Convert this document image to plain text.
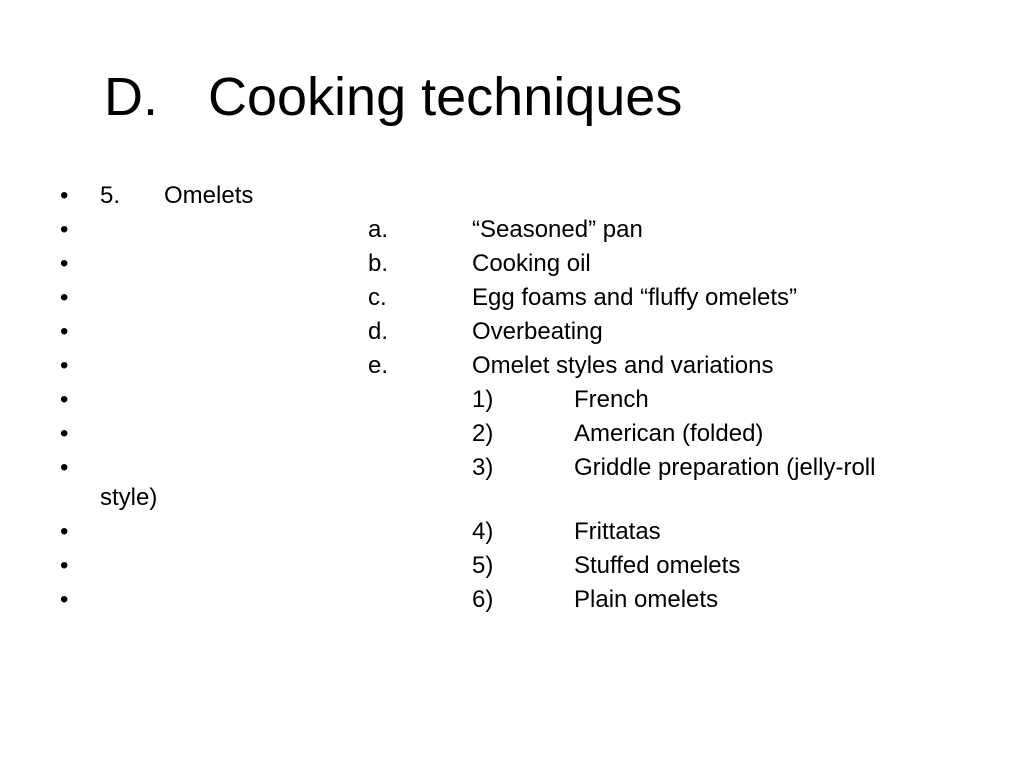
D. Cooking techniques
• 5. Omelets
•	a.	“Seasoned” pan
•	b.	Cooking oil
•	c.	Egg foams and “fluffy omelets”
•	d.	Overbeating
•	e.	Omelet styles and variations
•	1)	French
•	2)	American (folded)
•	3)	Griddle preparation (jelly-roll
style)
•	4)	Frittatas
•	5)	Stuffed omelets
•	6)	Plain omelets
